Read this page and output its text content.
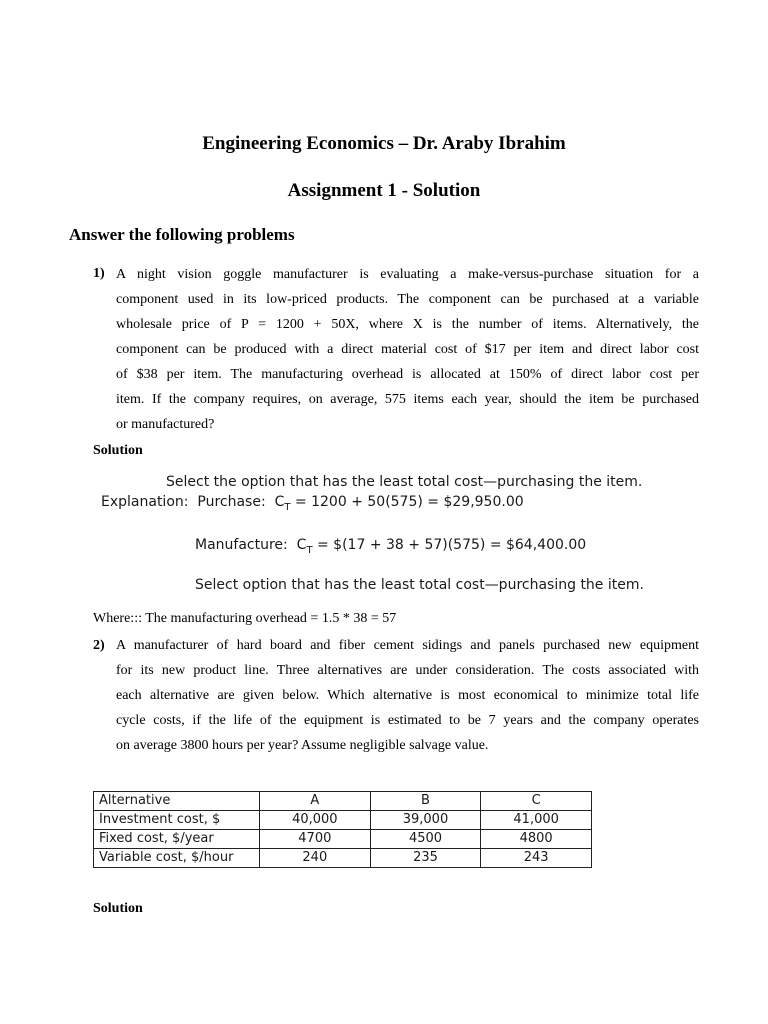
Engineering Economics – Dr. Araby Ibrahim
Assignment 1 - Solution
Answer the following problems
1) A night vision goggle manufacturer is evaluating a make-versus-purchase situation for a
component used in its low-priced products. The component can be purchased at a variable
wholesale price of P = 1200 + 50X, where X is the number of items. Alternatively, the
component can be produced with a direct material cost of $17 per item and direct labor cost
of $38 per item. The manufacturing overhead is allocated at 150% of direct labor cost per
item. If the company requires, on average, 575 items each year, should the item be purchased
or manufactured?
Solution
Select the option that has the least total cost—purchasing the item.
Explanation: Purchase: $C_T = 1200 + 50(575)$ = $29,950.00
Manufacture: $C_T$ = $(17 + 38 + 57)(575) = $64,400.00
Select option that has the least total cost—purchasing the item.
Where::: The manufacturing overhead = 1.5 * 38 = 57
2) A manufacturer of hard board and fiber cement sidings and panels purchased new equipment
for its new product line. Three alternatives are under consideration. The costs associated with
each alternative are given below. Which alternative is most economical to minimize total life
cycle costs, if the life of the equipment is estimated to be 7 years and the company operates
on average 3800 hours per year? Assume negligible salvage value.
Alternative	A	B	C
Investment cost, $	40,000	39,000	41,000
Fixed cost, $/year	4700	4500	4800
Variable cost, $/hour	240	235	243
Solution
